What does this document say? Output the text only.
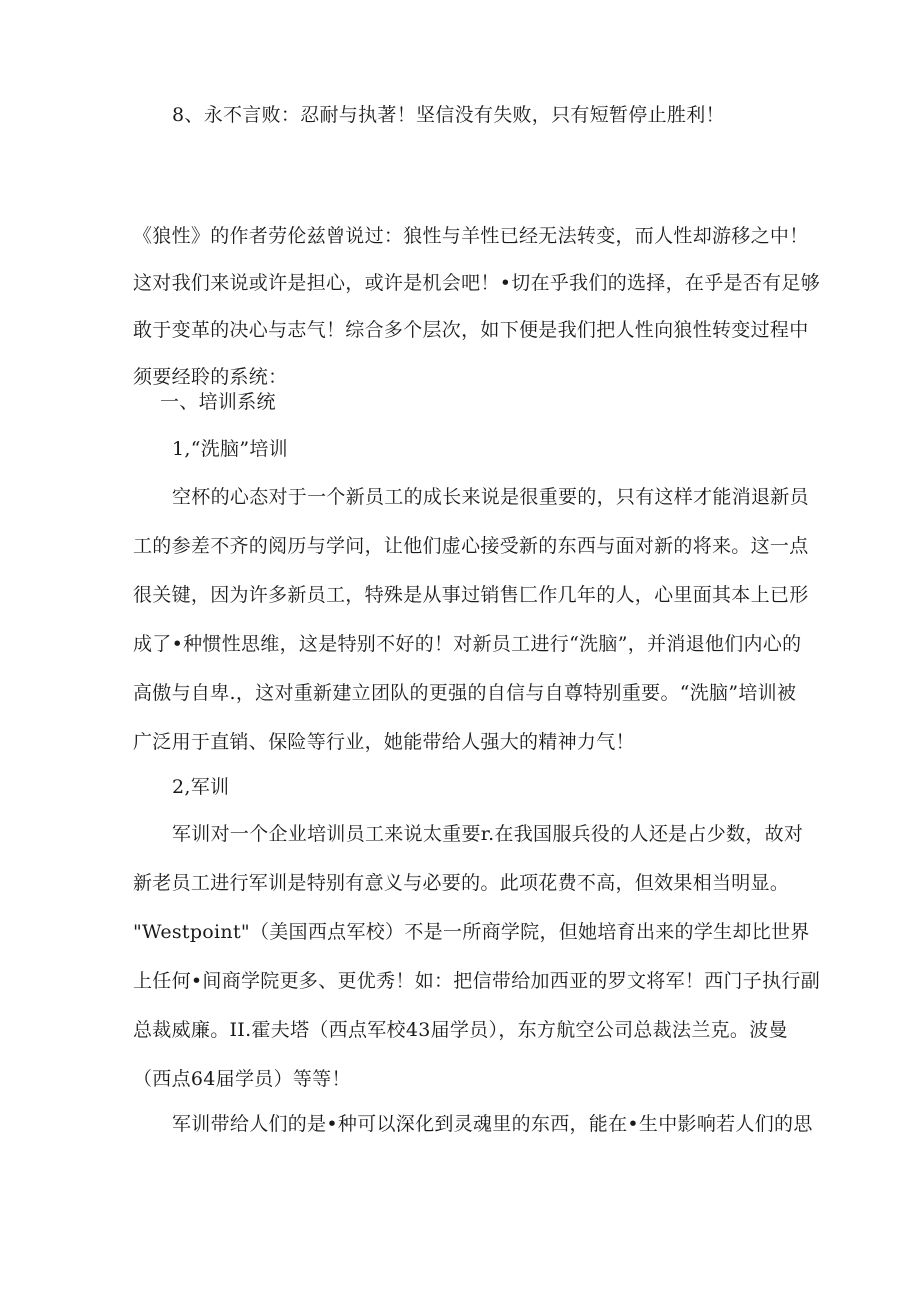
8、永不言败：忍耐与执著！坚信没有失败，只有短暂停止胜利！
《狼性》的作者劳伦兹曾说过：狼性与羊性已经无法转变，而人性却游移之中！
这对我们来说或许是担心，或许是机会吧！•切在乎我们的选择，在乎是否有足够
敢于变革的决心与志气！综合多个层次，如下便是我们把人性向狼性转变过程中
须要经聆的系统：
一、培训系统
1,“洗脑”培训
空杯的心态对于一个新员工的成长来说是很重要的，只有这样才能消退新员
工的参差不齐的阅历与学问，让他们虚心接受新的东西与面对新的将来。这一点
很关键，因为许多新员工，特殊是从事过销售匚作几年的人，心里面其本上已形
成了•种惯性思维，这是特别不好的！对新员工进行“洗脑”，并消退他们内心的
高傲与自卑.，这对重新建立团队的更强的自信与自尊特别重要。“洗脑”培训被
广泛用于直销、保险等行业，她能带给人强大的精神力气！
2,军训
军训对一个企业培训员工来说太重要r.在我国服兵役的人还是占少数，故对
新老员工进行军训是特别有意义与必要的。此项花费不高，但效果相当明显。
"Westpoint"（美国西点军校）不是一所商学院，但她培育出来的学生却比世界
上任何•间商学院更多、更优秀！如：把信带给加西亚的罗文将军！西门子执行副
总裁威廉。II.霍夫塔（西点军校43届学员），东方航空公司总裁法兰克。波曼
（西点64届学员）等等！
军训带给人们的是•种可以深化到灵魂里的东西，能在•生中影响若人们的思
